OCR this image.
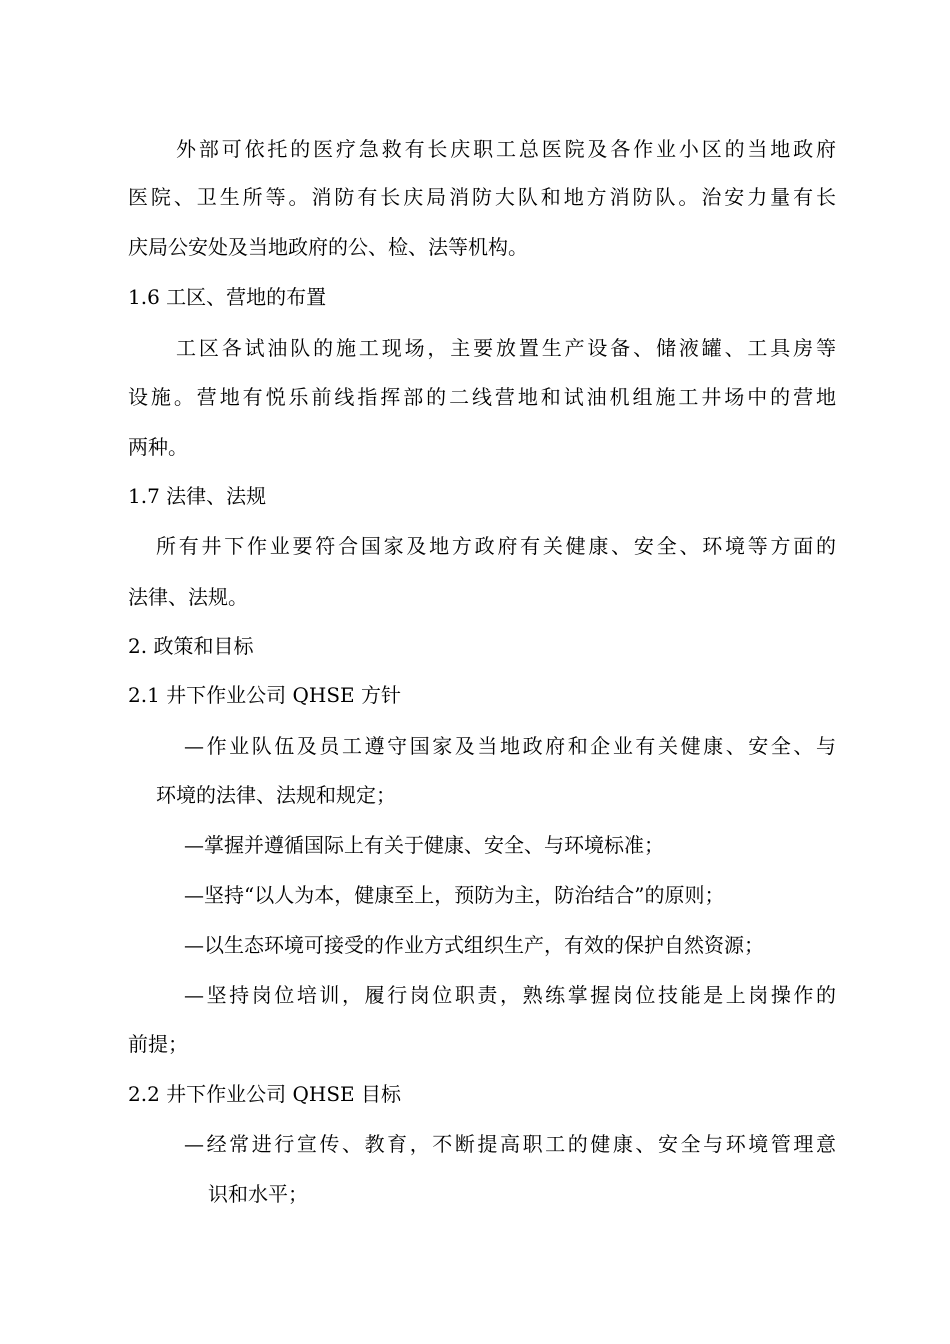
外部可依托的医疗急救有长庆职工总医院及各作业小区的当地政府
医院、卫生所等。消防有长庆局消防大队和地方消防队。治安力量有长
庆局公安处及当地政府的公、检、法等机构。
1.6 工区、营地的布置
工区各试油队的施工现场，主要放置生产设备、储液罐、工具房等
设施。营地有悦乐前线指挥部的二线营地和试油机组施工井场中的营地
两种。
1.7 法律、法规
所有井下作业要符合国家及地方政府有关健康、安全、环境等方面的
法律、法规。
2. 政策和目标
2.1 井下作业公司 QHSE 方针
—作业队伍及员工遵守国家及当地政府和企业有关健康、安全、与
环境的法律、法规和规定；
—掌握并遵循国际上有关于健康、安全、与环境标准；
—坚持“以人为本，健康至上，预防为主，防治结合”的原则；
—以生态环境可接受的作业方式组织生产，有效的保护自然资源；
—坚持岗位培训，履行岗位职责，熟练掌握岗位技能是上岗操作的
前提；
2.2 井下作业公司 QHSE 目标
—经常进行宣传、教育，不断提高职工的健康、安全与环境管理意
识和水平；
